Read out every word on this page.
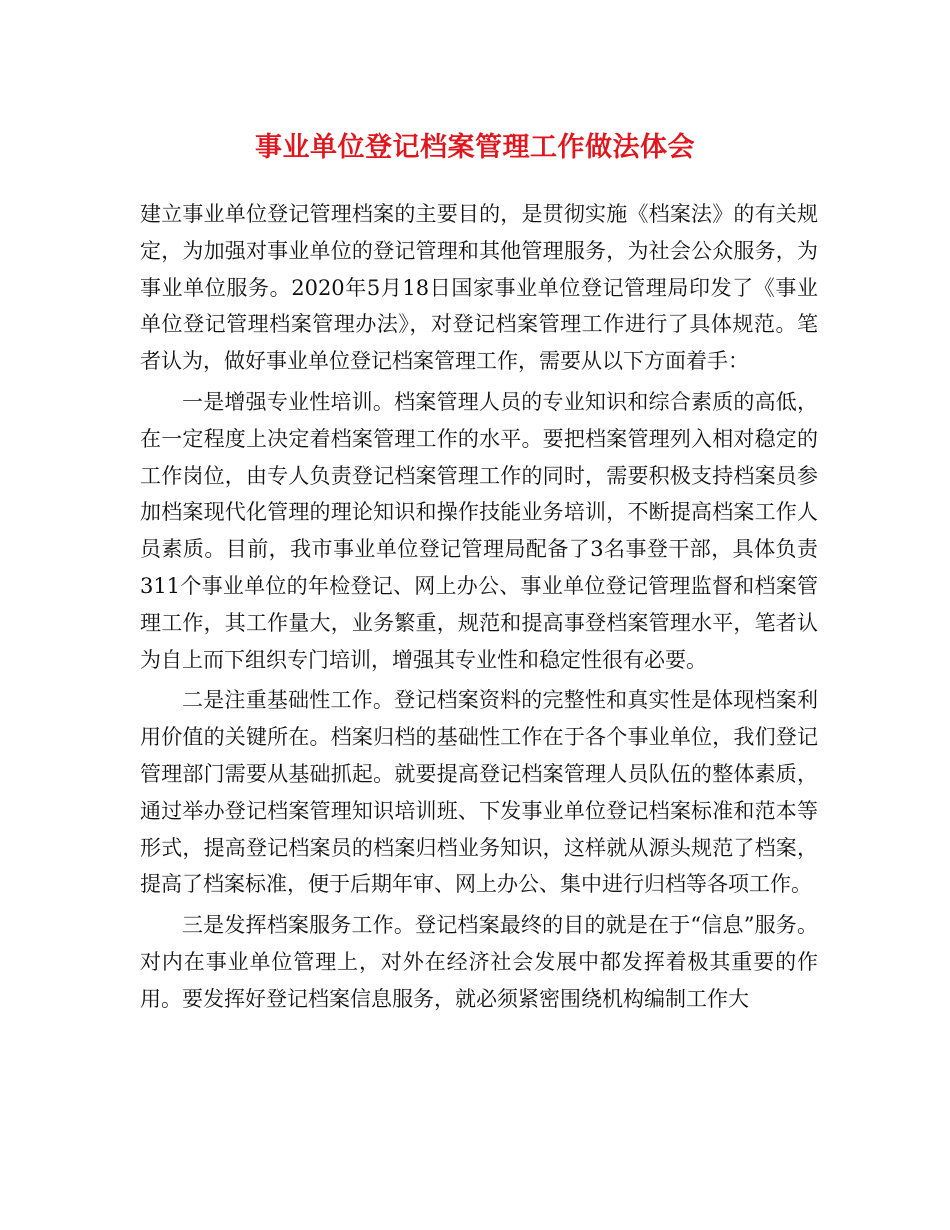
事业单位登记档案管理工作做法体会

建立事业单位登记管理档案的主要目的，是贯彻实施《档案法》的有关规定，为加强对事业单位的登记管理和其他管理服务，为社会公众服务，为事业单位服务。2020年5月18日国家事业单位登记管理局印发了《事业单位登记管理档案管理办法》，对登记档案管理工作进行了具体规范。笔者认为，做好事业单位登记档案管理工作，需要从以下方面着手：

一是增强专业性培训。档案管理人员的专业知识和综合素质的高低，在一定程度上决定着档案管理工作的水平。要把档案管理列入相对稳定的工作岗位，由专人负责登记档案管理工作的同时，需要积极支持档案员参加档案现代化管理的理论知识和操作技能业务培训，不断提高档案工作人员素质。目前，我市事业单位登记管理局配备了3名事登干部，具体负责311个事业单位的年检登记、网上办公、事业单位登记管理监督和档案管理工作，其工作量大，业务繁重，规范和提高事登档案管理水平，笔者认为自上而下组织专门培训，增强其专业性和稳定性很有必要。

二是注重基础性工作。登记档案资料的完整性和真实性是体现档案利用价值的关键所在。档案归档的基础性工作在于各个事业单位，我们登记管理部门需要从基础抓起。就要提高登记档案管理人员队伍的整体素质，通过举办登记档案管理知识培训班、下发事业单位登记档案标准和范本等形式，提高登记档案员的档案归档业务知识，这样就从源头规范了档案，提高了档案标准，便于后期年审、网上办公、集中进行归档等各项工作。

三是发挥档案服务工作。登记档案最终的目的就是在于“信息”服务。对内在事业单位管理上，对外在经济社会发展中都发挥着极其重要的作用。要发挥好登记档案信息服务，就必须紧密围绕机构编制工作大
